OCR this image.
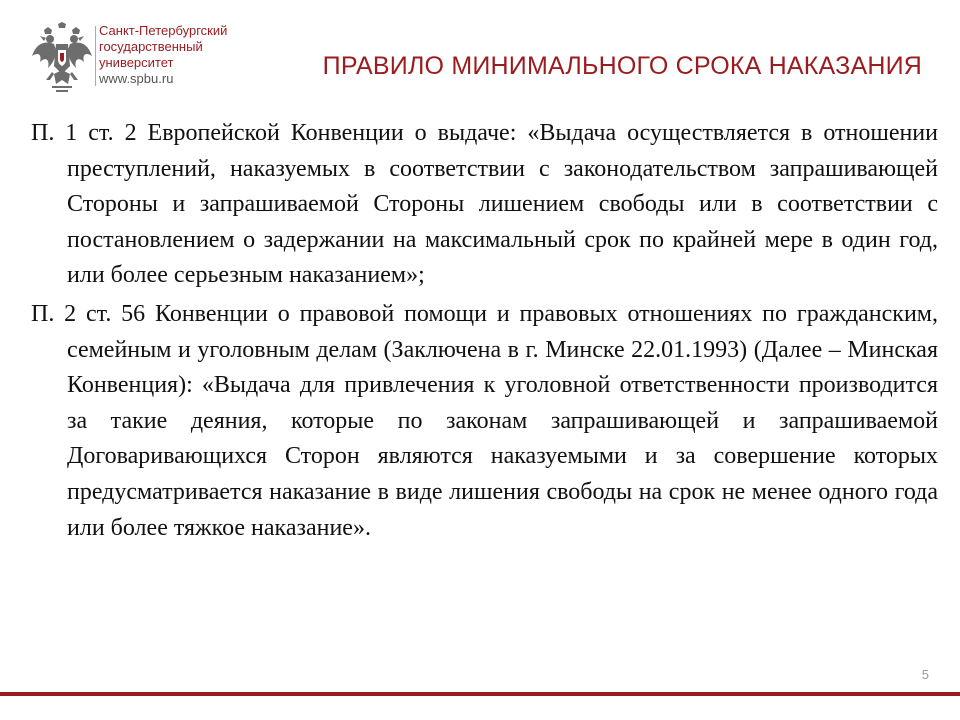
Санкт-Петербургский
государственный
университет
www.spbu.ru	ПРАВИЛО МИНИМАЛЬНОГО СРОКА НАКАЗАНИЯ

П. 1 ст. 2 Европейской Конвенции о выдаче: «Выдача осуществляется в отношении преступлений, наказуемых в соответствии с законодательством запрашивающей Стороны и запрашиваемой Стороны лишением свободы или в соответствии с постановлением о задержании на максимальный срок по крайней мере в один год, или более серьезным наказанием»;

П. 2 ст. 56 Конвенции о правовой помощи и правовых отношениях по гражданским, семейным и уголовным делам (Заключена в г. Минске 22.01.1993) (Далее – Минская Конвенция): «Выдача для привлечения к уголовной ответственности производится за такие деяния, которые по законам запрашивающей и запрашиваемой Договаривающихся Сторон являются наказуемыми и за совершение которых предусматривается наказание в виде лишения свободы на срок не менее одного года или более тяжкое наказание».

5
